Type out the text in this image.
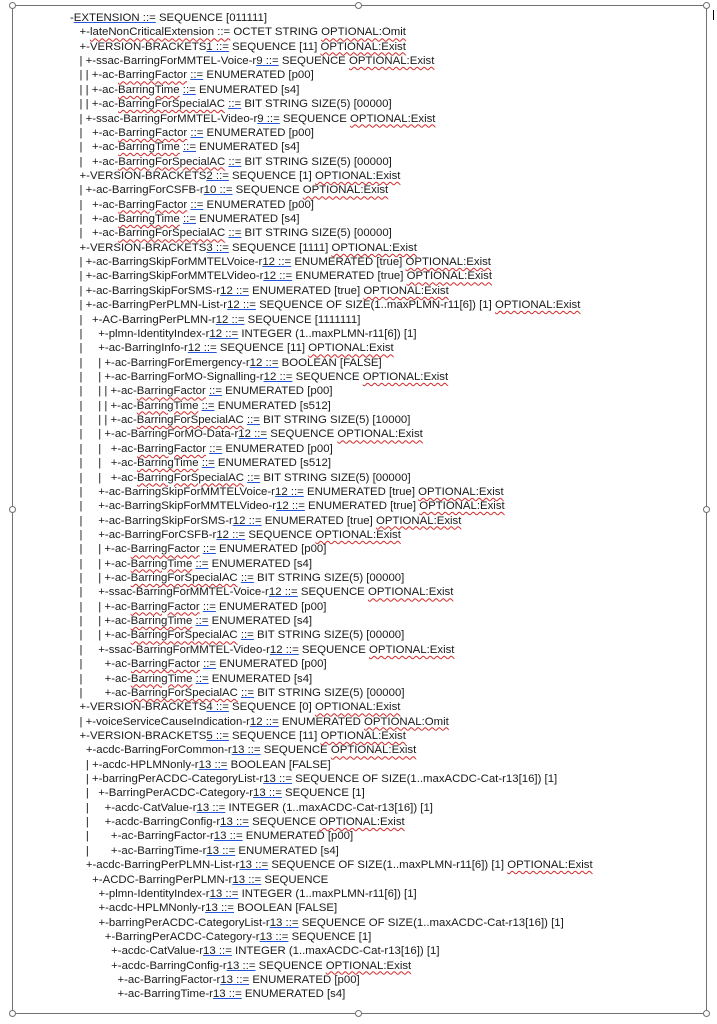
-EXTENSION ::= SEQUENCE [011111]
+-lateNonCriticalExtension ::= OCTET STRING OPTIONAL:Omit
+-VERSION-BRACKETS1 ::= SEQUENCE [11] OPTIONAL:Exist
| +-ssac-BarringForMMTEL-Voice-r9 ::= SEQUENCE OPTIONAL:Exist
| | +-ac-BarringFactor ::= ENUMERATED [p00]
| | +-ac-BarringTime ::= ENUMERATED [s4]
| | +-ac-BarringForSpecialAC ::= BIT STRING SIZE(5) [00000]
| +-ssac-BarringForMMTEL-Video-r9 ::= SEQUENCE OPTIONAL:Exist
|   +-ac-BarringFactor ::= ENUMERATED [p00]
|   +-ac-BarringTime ::= ENUMERATED [s4]
|   +-ac-BarringForSpecialAC ::= BIT STRING SIZE(5) [00000]
+-VERSION-BRACKETS2 ::= SEQUENCE [1] OPTIONAL:Exist
| +-ac-BarringForCSFB-r10 ::= SEQUENCE OPTIONAL:Exist
|   +-ac-BarringFactor ::= ENUMERATED [p00]
|   +-ac-BarringTime ::= ENUMERATED [s4]
|   +-ac-BarringForSpecialAC ::= BIT STRING SIZE(5) [00000]
+-VERSION-BRACKETS3 ::= SEQUENCE [1111] OPTIONAL:Exist
| +-ac-BarringSkipForMMTELVoice-r12 ::= ENUMERATED [true] OPTIONAL:Exist
| +-ac-BarringSkipForMMTELVideo-r12 ::= ENUMERATED [true] OPTIONAL:Exist
| +-ac-BarringSkipForSMS-r12 ::= ENUMERATED [true] OPTIONAL:Exist
| +-ac-BarringPerPLMN-List-r12 ::= SEQUENCE OF SIZE(1..maxPLMN-r11[6]) [1] OPTIONAL:Exist
|   +-AC-BarringPerPLMN-r12 ::= SEQUENCE [1111111]
|     +-plmn-IdentityIndex-r12 ::= INTEGER (1..maxPLMN-r11[6]) [1]
|     +-ac-BarringInfo-r12 ::= SEQUENCE [11] OPTIONAL:Exist
|     | +-ac-BarringForEmergency-r12 ::= BOOLEAN [FALSE]
|     | +-ac-BarringForMO-Signalling-r12 ::= SEQUENCE OPTIONAL:Exist
|     | | +-ac-BarringFactor ::= ENUMERATED [p00]
|     | | +-ac-BarringTime ::= ENUMERATED [s512]
|     | | +-ac-BarringForSpecialAC ::= BIT STRING SIZE(5) [10000]
|     | +-ac-BarringForMO-Data-r12 ::= SEQUENCE OPTIONAL:Exist
|     |   +-ac-BarringFactor ::= ENUMERATED [p00]
|     |   +-ac-BarringTime ::= ENUMERATED [s512]
|     |   +-ac-BarringForSpecialAC ::= BIT STRING SIZE(5) [00000]
|     +-ac-BarringSkipForMMTELVoice-r12 ::= ENUMERATED [true] OPTIONAL:Exist
|     +-ac-BarringSkipForMMTELVideo-r12 ::= ENUMERATED [true] OPTIONAL:Exist
|     +-ac-BarringSkipForSMS-r12 ::= ENUMERATED [true] OPTIONAL:Exist
|     +-ac-BarringForCSFB-r12 ::= SEQUENCE OPTIONAL:Exist
|     | +-ac-BarringFactor ::= ENUMERATED [p00]
|     | +-ac-BarringTime ::= ENUMERATED [s4]
|     | +-ac-BarringForSpecialAC ::= BIT STRING SIZE(5) [00000]
|     +-ssac-BarringForMMTEL-Voice-r12 ::= SEQUENCE OPTIONAL:Exist
|     | +-ac-BarringFactor ::= ENUMERATED [p00]
|     | +-ac-BarringTime ::= ENUMERATED [s4]
|     | +-ac-BarringForSpecialAC ::= BIT STRING SIZE(5) [00000]
|     +-ssac-BarringForMMTEL-Video-r12 ::= SEQUENCE OPTIONAL:Exist
|       +-ac-BarringFactor ::= ENUMERATED [p00]
|       +-ac-BarringTime ::= ENUMERATED [s4]
|       +-ac-BarringForSpecialAC ::= BIT STRING SIZE(5) [00000]
+-VERSION-BRACKETS4 ::= SEQUENCE [0] OPTIONAL:Exist
| +-voiceServiceCauseIndication-r12 ::= ENUMERATED OPTIONAL:Omit
+-VERSION-BRACKETS5 ::= SEQUENCE [11] OPTIONAL:Exist
+-acdc-BarringForCommon-r13 ::= SEQUENCE OPTIONAL:Exist
| +-acdc-HPLMNonly-r13 ::= BOOLEAN [FALSE]
| +-barringPerACDC-CategoryList-r13 ::= SEQUENCE OF SIZE(1..maxACDC-Cat-r13[16]) [1]
|   +-BarringPerACDC-Category-r13 ::= SEQUENCE [1]
|     +-acdc-CatValue-r13 ::= INTEGER (1..maxACDC-Cat-r13[16]) [1]
|     +-acdc-BarringConfig-r13 ::= SEQUENCE OPTIONAL:Exist
|       +-ac-BarringFactor-r13 ::= ENUMERATED [p00]
|       +-ac-BarringTime-r13 ::= ENUMERATED [s4]
+-acdc-BarringPerPLMN-List-r13 ::= SEQUENCE OF SIZE(1..maxPLMN-r11[6]) [1] OPTIONAL:Exist
+-ACDC-BarringPerPLMN-r13 ::= SEQUENCE
+-plmn-IdentityIndex-r13 ::= INTEGER (1..maxPLMN-r11[6]) [1]
+-acdc-HPLMNonly-r13 ::= BOOLEAN [FALSE]
+-barringPerACDC-CategoryList-r13 ::= SEQUENCE OF SIZE(1..maxACDC-Cat-r13[16]) [1]
+-BarringPerACDC-Category-r13 ::= SEQUENCE [1]
+-acdc-CatValue-r13 ::= INTEGER (1..maxACDC-Cat-r13[16]) [1]
+-acdc-BarringConfig-r13 ::= SEQUENCE OPTIONAL:Exist
+-ac-BarringFactor-r13 ::= ENUMERATED [p00]
+-ac-BarringTime-r13 ::= ENUMERATED [s4]
